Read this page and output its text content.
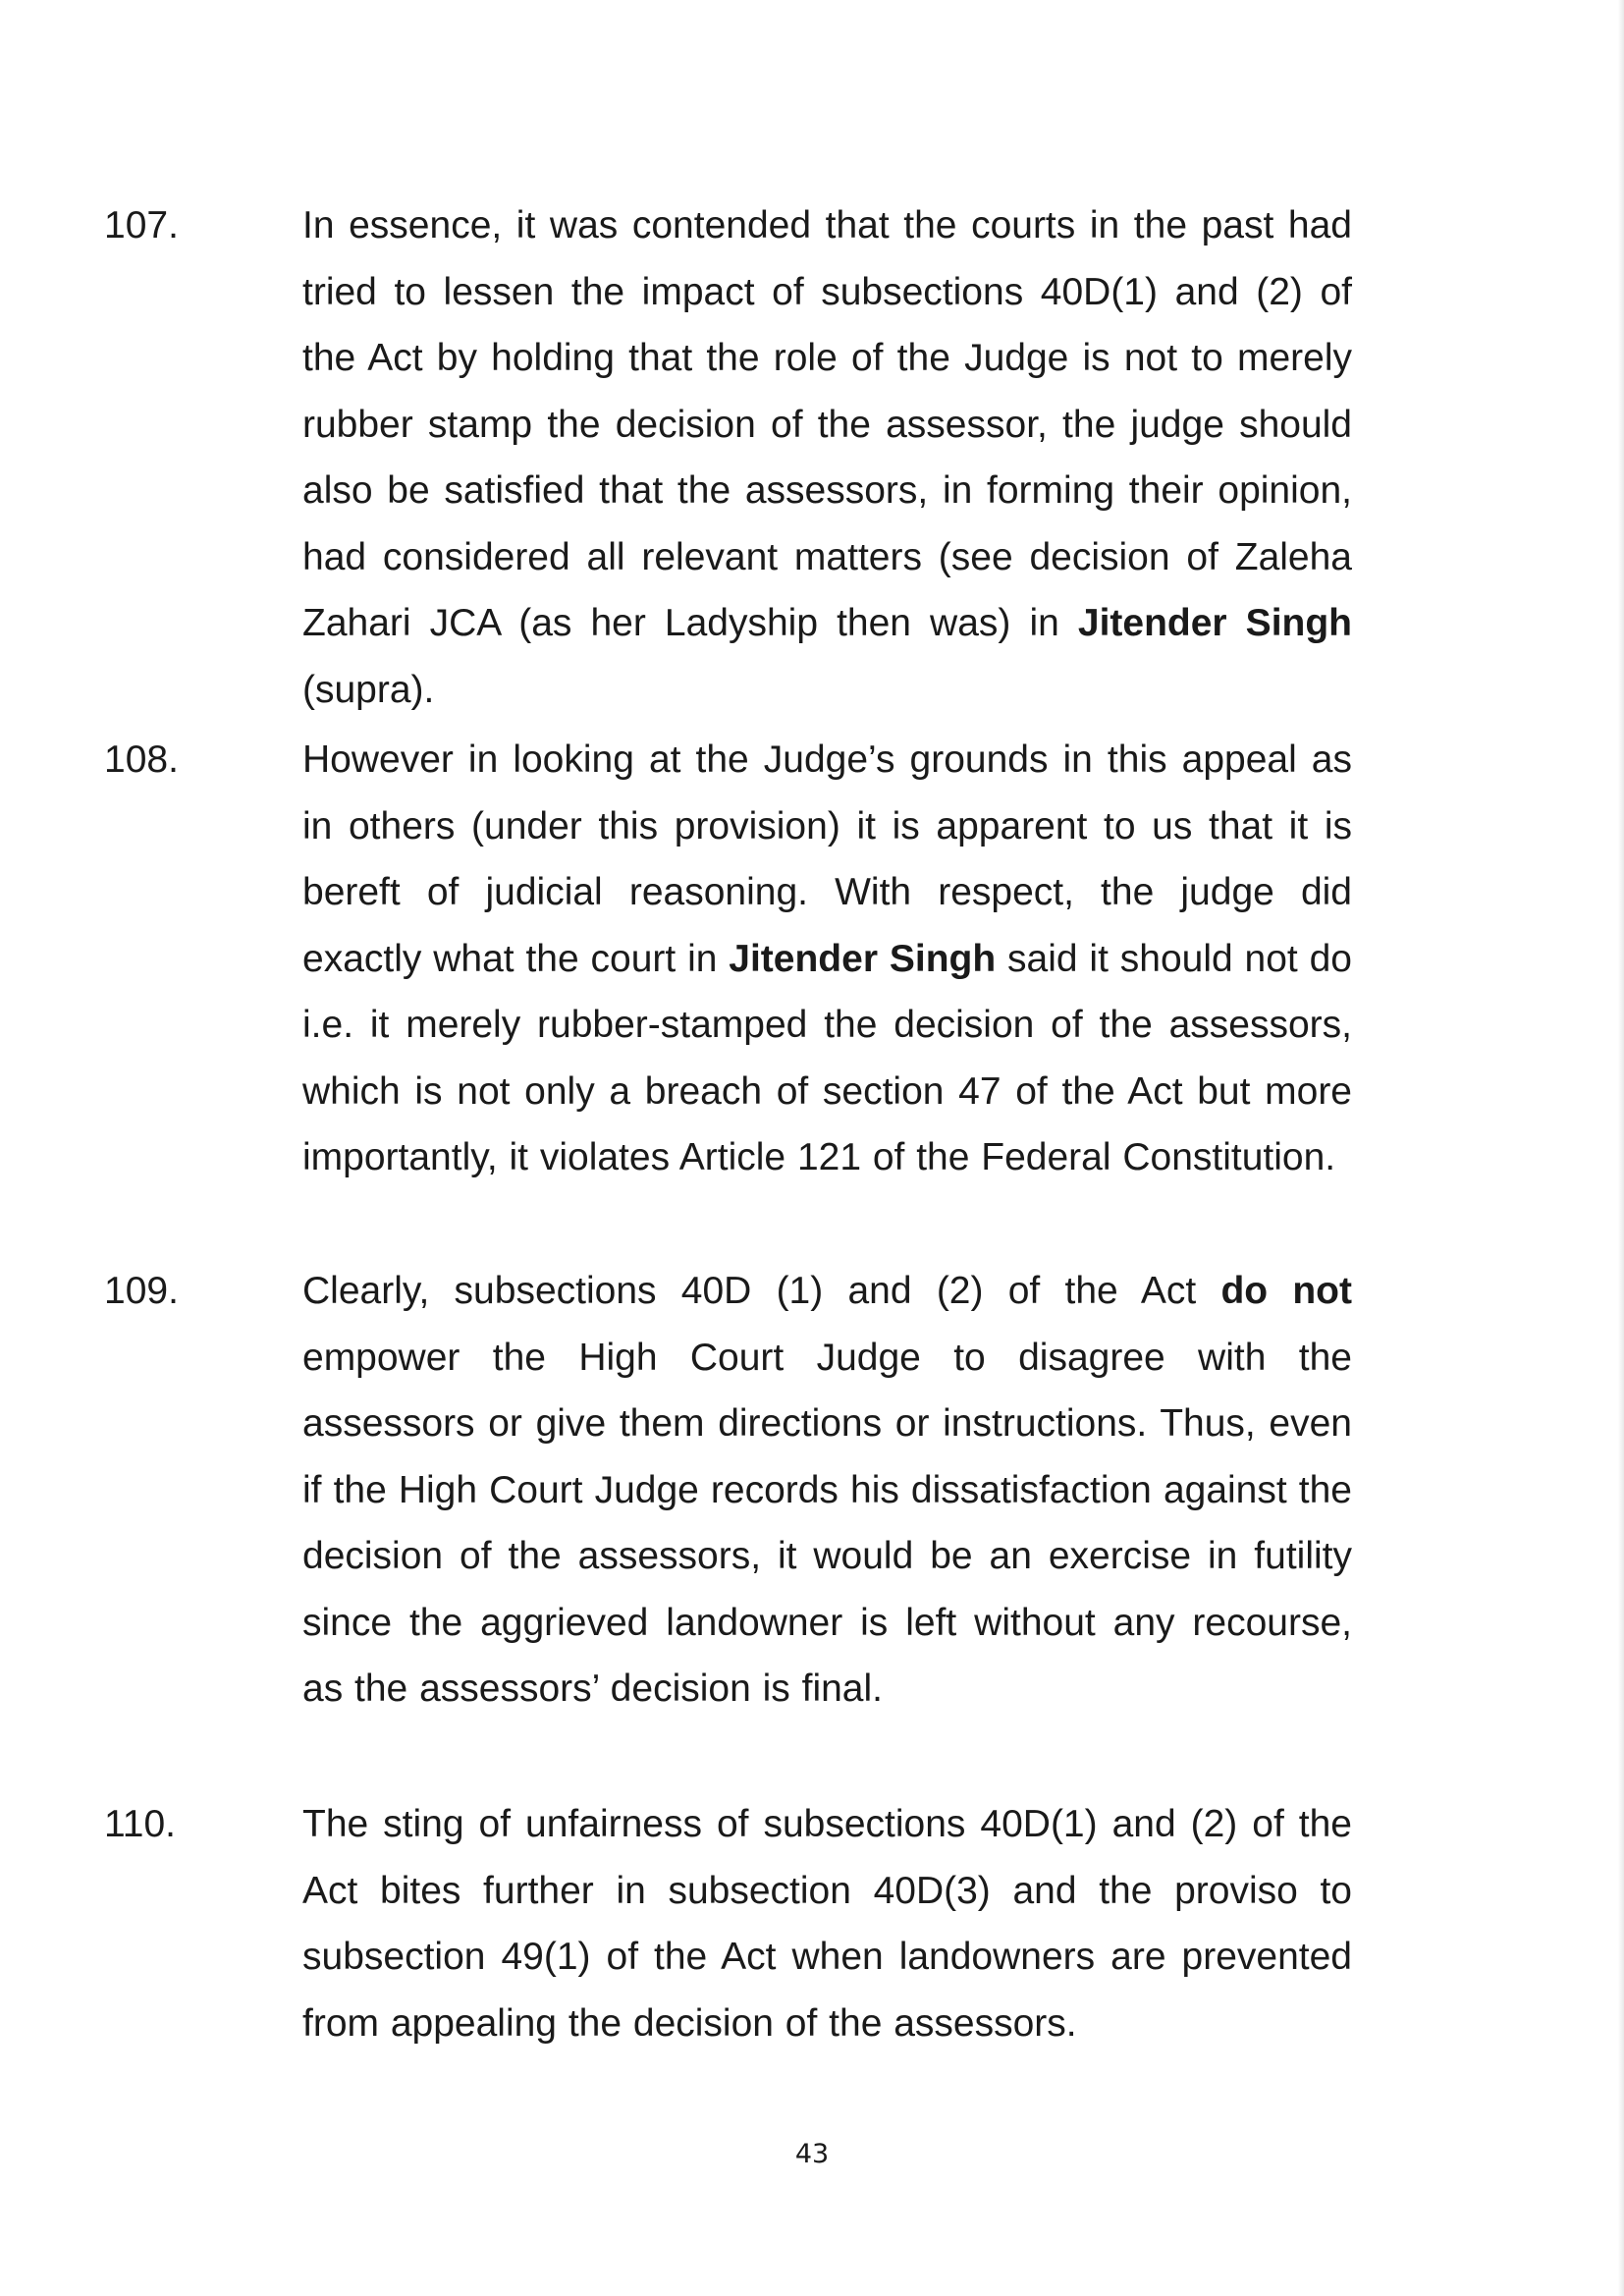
107.	In essence, it was contended that the courts in the past had tried to lessen the impact of subsections 40D(1) and (2) of the Act by holding that the role of the Judge is not to merely rubber stamp the decision of the assessor, the judge should also be satisfied that the assessors, in forming their opinion, had considered all relevant matters (see decision of Zaleha Zahari JCA (as her Ladyship then was) in Jitender Singh (supra).
108.	However in looking at the Judge’s grounds in this appeal as in others (under this provision) it is apparent to us that it is bereft of judicial reasoning. With respect, the judge did exactly what the court in Jitender Singh said it should not do i.e. it merely rubber-stamped the decision of the assessors, which is not only a breach of section 47 of the Act but more importantly, it violates Article 121 of the Federal Constitution.
109.	Clearly, subsections 40D (1) and (2) of the Act do not empower the High Court Judge to disagree with the assessors or give them directions or instructions. Thus, even if the High Court Judge records his dissatisfaction against the decision of the assessors, it would be an exercise in futility since the aggrieved landowner is left without any recourse, as the assessors’ decision is final.
110.	The sting of unfairness of subsections 40D(1) and (2) of the Act bites further in subsection 40D(3) and the proviso to subsection 49(1) of the Act when landowners are prevented from appealing the decision of the assessors.
43
